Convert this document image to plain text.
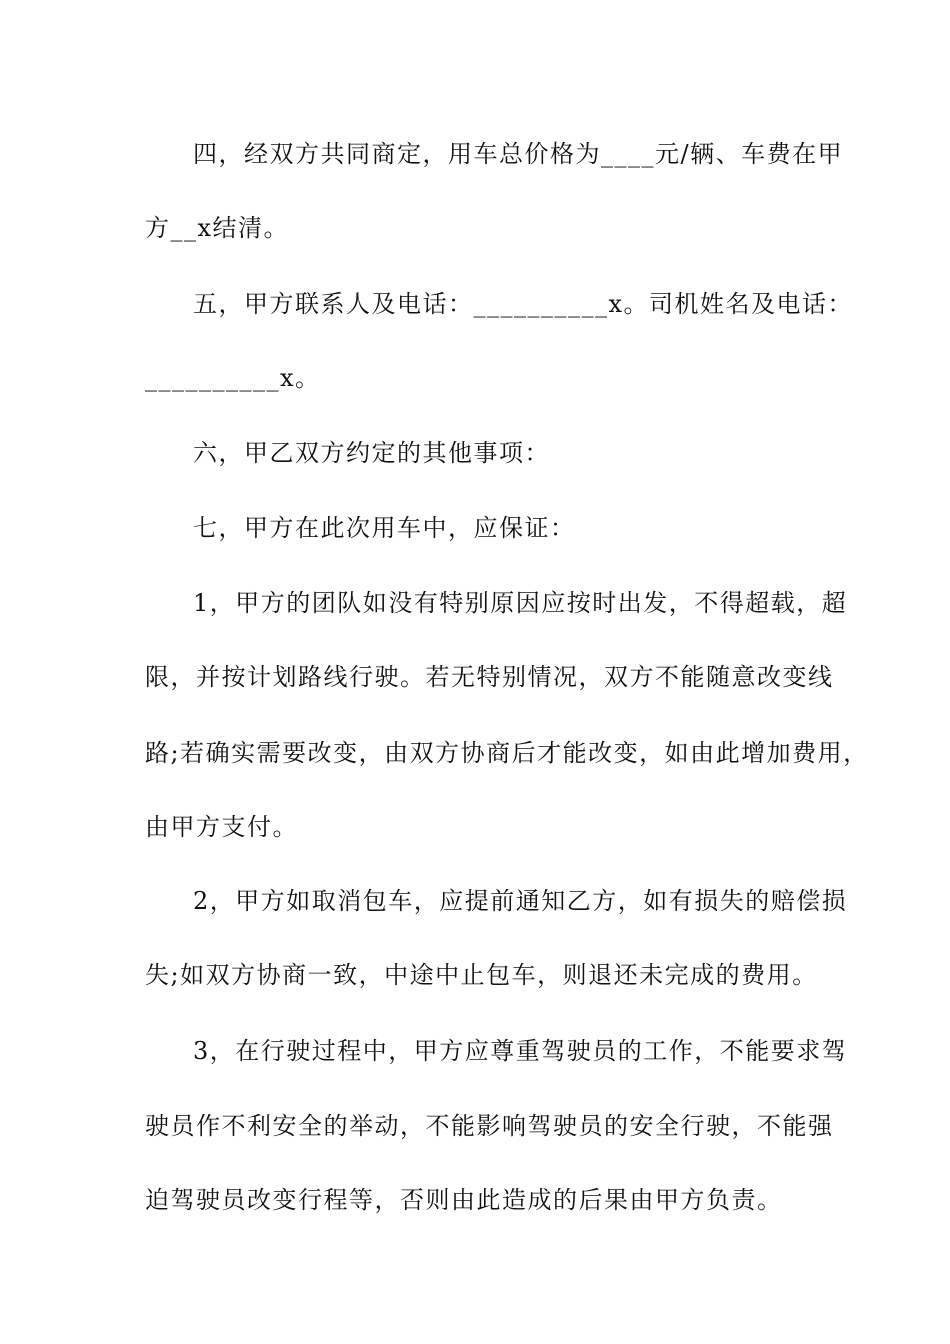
四，经双方共同商定，用车总价格为____元/辆、车费在甲
方__x结清。
五，甲方联系人及电话：__________x。司机姓名及电话：
__________x。
六，甲乙双方约定的其他事项：
七，甲方在此次用车中，应保证：
1，甲方的团队如没有特别原因应按时出发，不得超载，超
限，并按计划路线行驶。若无特别情况，双方不能随意改变线
路;若确实需要改变，由双方协商后才能改变，如由此增加费用，
由甲方支付。
2，甲方如取消包车，应提前通知乙方，如有损失的赔偿损
失;如双方协商一致，中途中止包车，则退还未完成的费用。
3，在行驶过程中，甲方应尊重驾驶员的工作，不能要求驾
驶员作不利安全的举动，不能影响驾驶员的安全行驶，不能强
迫驾驶员改变行程等，否则由此造成的后果由甲方负责。
